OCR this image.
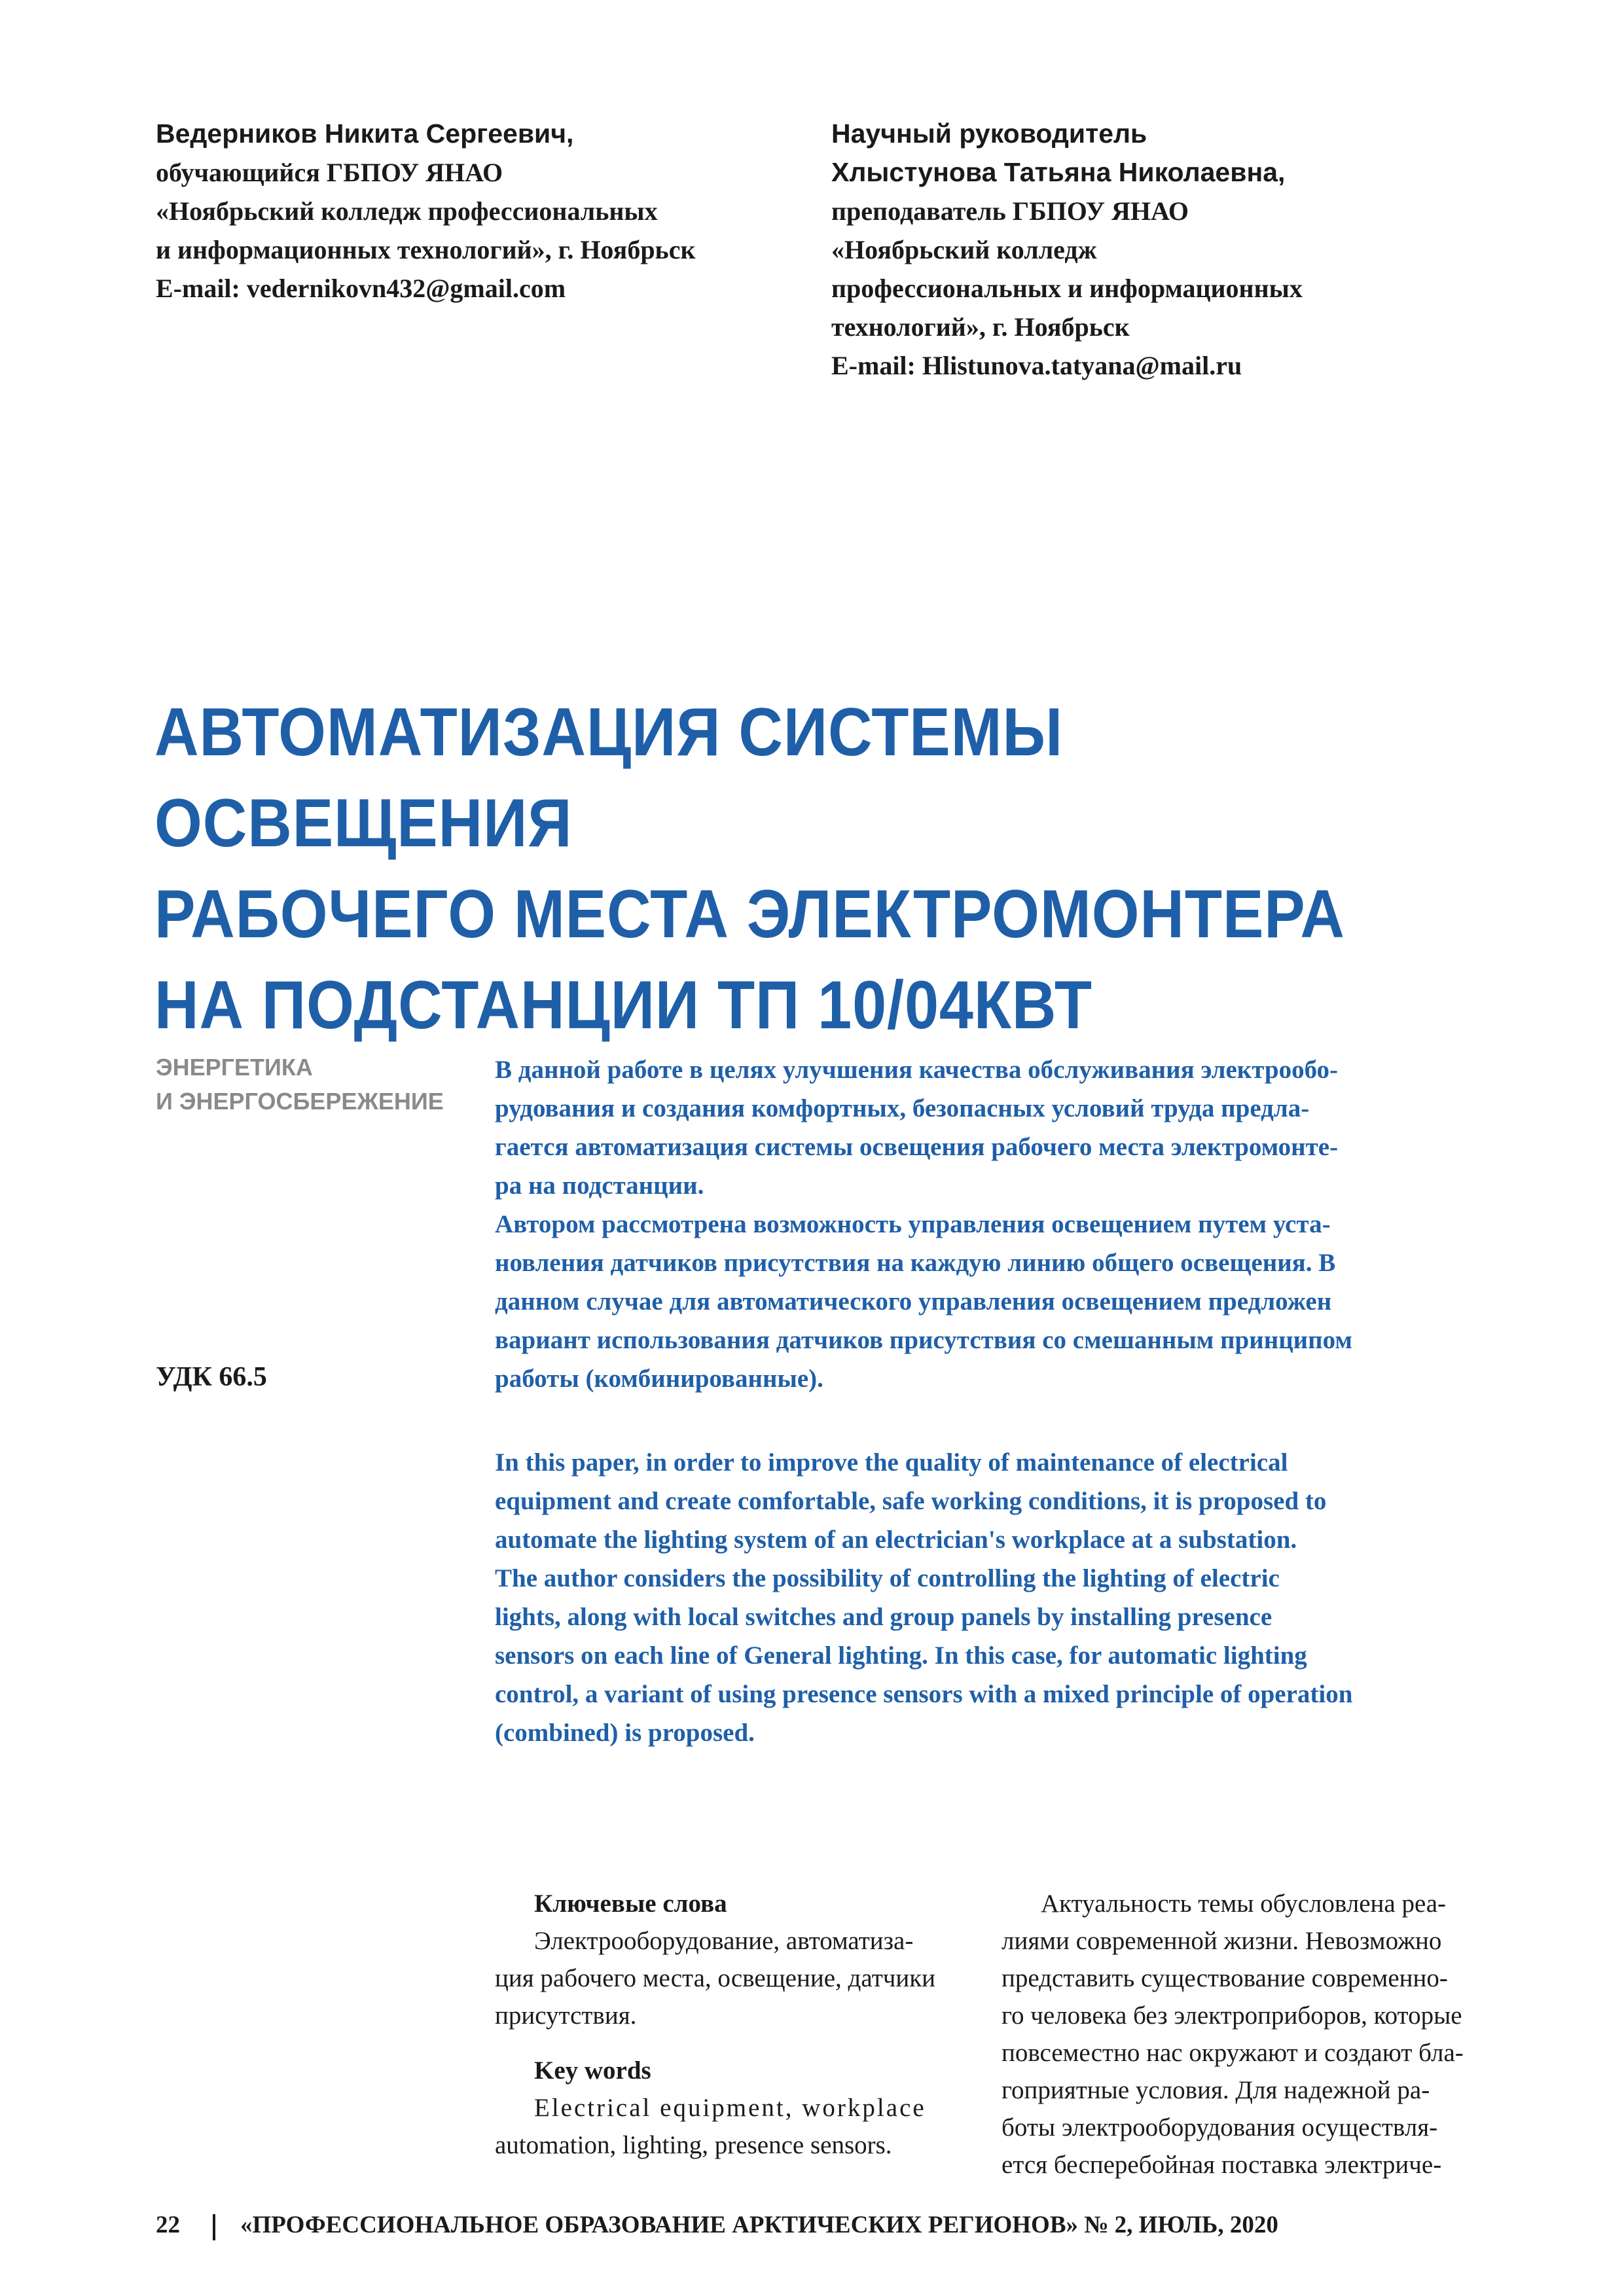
Ведерников Никита Сергеевич,
обучающийся ГБПОУ ЯНАО
«Ноябрьский колледж профессиональных
и информационных технологий», г. Ноябрьск
E-mail: vedernikovn432@gmail.com
Научный руководитель
Хлыстунова Татьяна Николаевна,
преподаватель ГБПОУ ЯНАО
«Ноябрьский колледж
профессиональных и информационных
технологий», г. Ноябрьск
E-mail: Hlistunova.tatyana@mail.ru
АВТОМАТИЗАЦИЯ СИСТЕМЫ ОСВЕЩЕНИЯ
РАБОЧЕГО МЕСТА ЭЛЕКТРОМОНТЕРА
НА ПОДСТАНЦИИ ТП 10/04КВТ
ЭНЕРГЕТИКА
И ЭНЕРГОСБЕРЕЖЕНИЕ
УДК 66.5

В данной работе в целях улучшения качества обслуживания электрообо-

рудования и создания комфортных, безопасных условий труда предла-

гается автоматизация системы освещения рабочего места электромонте-

ра на подстанции.

Автором рассмотрена возможность управления освещением путем уста-

новления датчиков присутствия на каждую линию общего освещения. В

данном случае для автоматического управления освещением предложен

вариант использования датчиков присутствия со смешанным принципом

работы (комбинированные).

In this paper, in order to improve the quality of maintenance of electrical

equipment and create comfortable, safe working conditions, it is proposed to

automate the lighting system of an electrician's workplace at a substation.

The author considers the possibility of controlling the lighting of electric

lights, along with local switches and group panels by installing presence

sensors on each line of General lighting. In this case, for automatic lighting

control, a variant of using presence sensors with a mixed principle of operation

(combined) is proposed.

Ключевые слова

Электрооборудование, автоматиза-

ция рабочего места, освещение, датчики

присутствия.

Key words

Electrical equipment, workplace

automation, lighting, presence sensors.

Актуальность темы обусловлена реа-

лиями современной жизни. Невозможно

представить существование современно-

го человека без электроприборов, которые

повсеместно нас окружают и создают бла-

гоприятные условия. Для надежной ра-

боты электрооборудования осуществля-

ется бесперебойная поставка электриче-

22 «ПРОФЕССИОНАЛЬНОЕ ОБРАЗОВАНИЕ АРКТИЧЕСКИХ РЕГИОНОВ» № 2, ИЮЛЬ, 2020
